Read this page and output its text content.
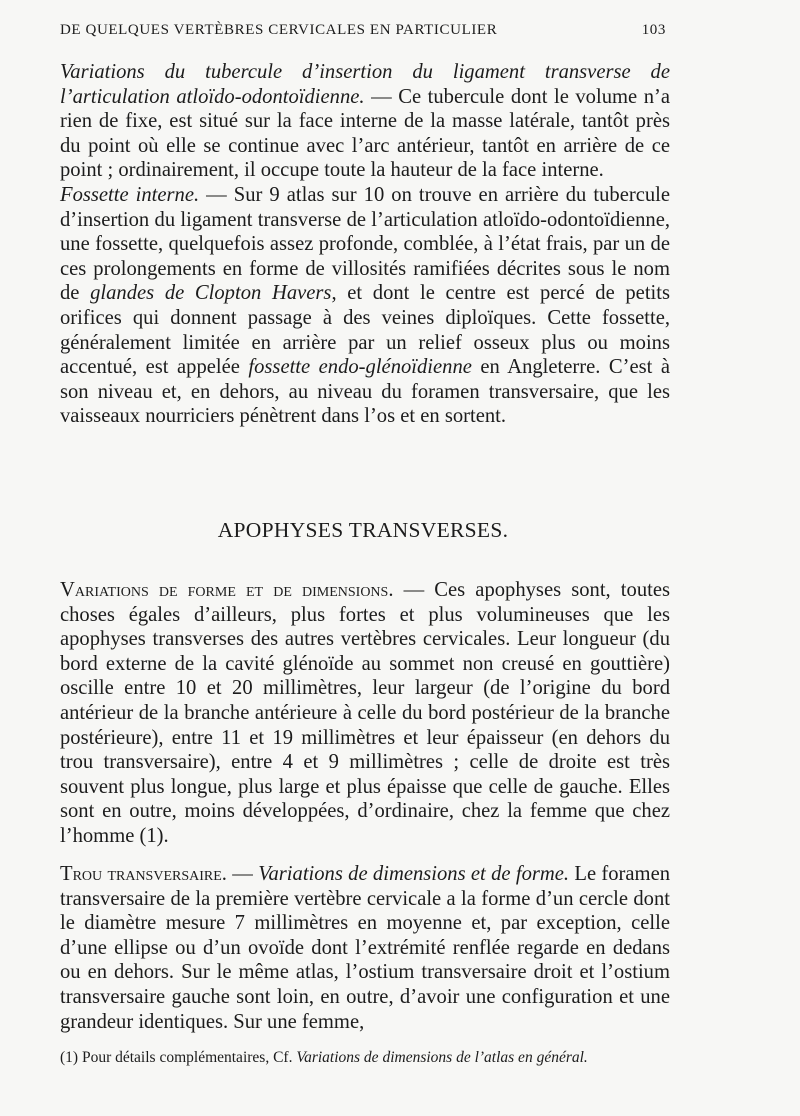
DE QUELQUES VERTÈBRES CERVICALES EN PARTICULIER	103

Variations du tubercule d’insertion du ligament transverse de l’articulation atloïdo-odontoïdienne. — Ce tubercule dont le volume n’a rien de fixe, est situé sur la face interne de la masse latérale, tantôt près du point où elle se continue avec l’arc antérieur, tantôt en arrière de ce point ; ordinairement, il occupe toute la hauteur de la face interne.

Fossette interne. — Sur 9 atlas sur 10 on trouve en arrière du tubercule d’insertion du ligament transverse de l’articulation atloïdo-odontoïdienne, une fossette, quelquefois assez profonde, comblée, à l’état frais, par un de ces prolongements en forme de villosités ramifiées décrites sous le nom de glandes de Clopton Havers, et dont le centre est percé de petits orifices qui donnent passage à des veines diploïques. Cette fossette, généralement limitée en arrière par un relief osseux plus ou moins accentué, est appelée fossette endo-glénoïdienne en Angleterre. C’est à son niveau et, en dehors, au niveau du foramen transversaire, que les vaisseaux nourriciers pénètrent dans l’os et en sortent.

APOPHYSES TRANSVERSES.

Variations de forme et de dimensions. — Ces apophyses sont, toutes choses égales d’ailleurs, plus fortes et plus volumineuses que les apophyses transverses des autres vertèbres cervicales. Leur longueur (du bord externe de la cavité glénoïde au sommet non creusé en gouttière) oscille entre 10 et 20 millimètres, leur largeur (de l’origine du bord antérieur de la branche antérieure à celle du bord postérieur de la branche postérieure), entre 11 et 19 millimètres et leur épaisseur (en dehors du trou transversaire), entre 4 et 9 millimètres ; celle de droite est très souvent plus longue, plus large et plus épaisse que celle de gauche. Elles sont en outre, moins développées, d’ordinaire, chez la femme que chez l’homme (1).

Trou transversaire. — Variations de dimensions et de forme. Le foramen transversaire de la première vertèbre cervicale a la forme d’un cercle dont le diamètre mesure 7 millimètres en moyenne et, par exception, celle d’une ellipse ou d’un ovoïde dont l’extrémité renflée regarde en dedans ou en dehors. Sur le même atlas, l’ostium transversaire droit et l’ostium transversaire gauche sont loin, en outre, d’avoir une configuration et une grandeur identiques. Sur une femme,

(1) Pour détails complémentaires, Cf. Variations de dimensions de l’atlas en général.
